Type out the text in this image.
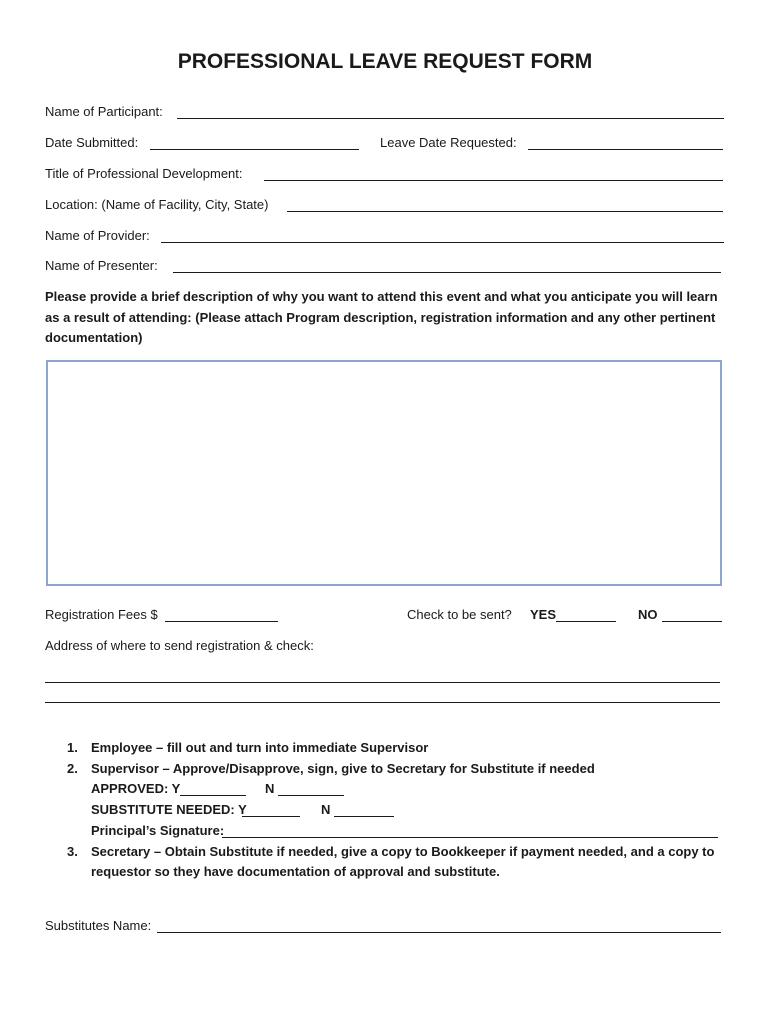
PROFESSIONAL LEAVE REQUEST FORM
Name of Participant:
Date Submitted:	Leave Date Requested:
Title of Professional Development:
Location: (Name of Facility, City, State)
Name of Provider:
Name of Presenter:
Please provide a brief description of why you want to attend this event and what you anticipate you will learn as a result of attending: (Please attach Program description, registration information and any other pertinent documentation)
Registration Fees $	Check to be sent? YES	NO
Address of where to send registration & check:
1. Employee – fill out and turn into immediate Supervisor
2. Supervisor – Approve/Disapprove, sign, give to Secretary for Substitute if needed
APPROVED: Y	N
SUBSTITUTE NEEDED: Y	N
Principal’s Signature:
3. Secretary – Obtain Substitute if needed, give a copy to Bookkeeper if payment needed, and a copy to
requestor so they have documentation of approval and substitute.
Substitutes Name:
